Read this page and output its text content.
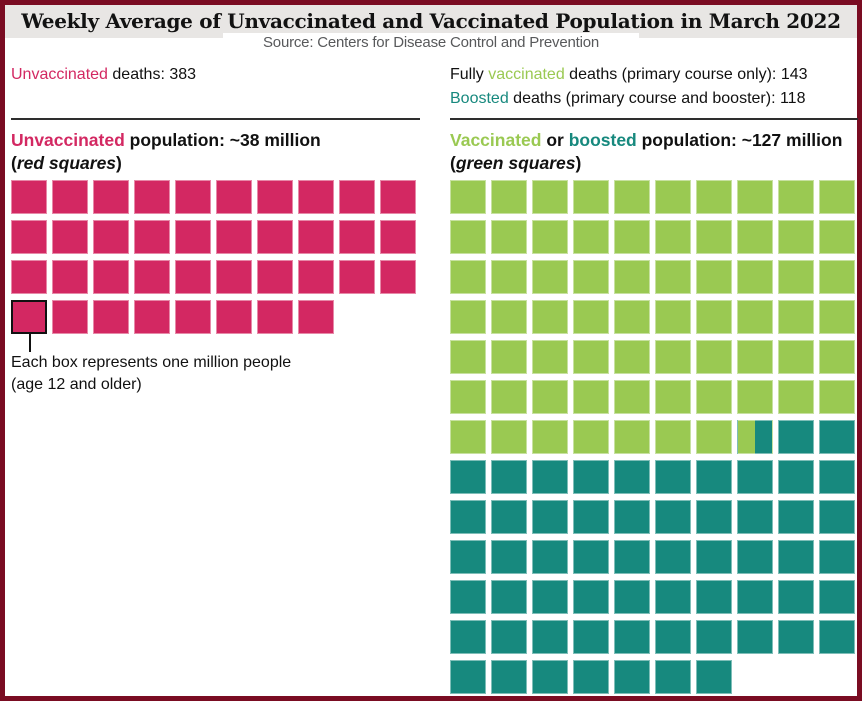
Weekly Average of Unvaccinated and Vaccinated Population in March 2022
Source: Centers for Disease Control and Prevention
Unvaccinated deaths: 383	Fully vaccinated deaths (primary course only): 143
Boosted deaths (primary course and booster): 118
Unvaccinated population: ~38 million
(red squares)
Vaccinated or boosted population: ~127 million
(green squares)
Each box represents one million people
(age 12 and older)
